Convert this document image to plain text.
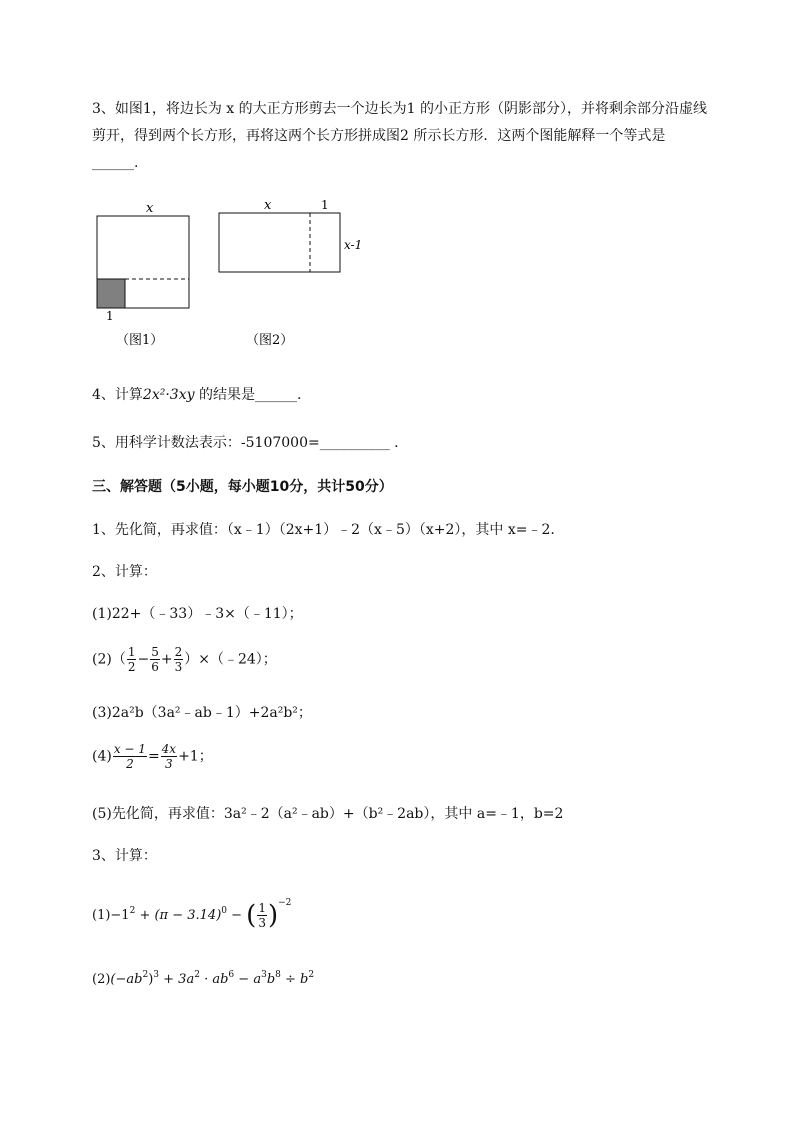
3、如图1，将边长为 x 的大正方形剪去一个边长为1 的小正方形（阴影部分），并将剩余部分沿虚线
剪开，得到两个长方形，再将这两个长方形拼成图2 所示长方形．这两个图能解释一个等式是
______.
x
1
（图1）
x	1
x-1
（图2）
4、计算2x²·3xy 的结果是______.
5、用科学计数法表示：-5107000=__________ .
三、解答题（5小题，每小题10分，共计50分）
1、先化简，再求值：（x﹣1）（2x+1）﹣2（x﹣5）（x+2），其中 x=﹣2.
2、计算：
(1)22+（﹣33）﹣3×（﹣11）；
$(2)( \frac{1}{2} - \frac{5}{6} + \frac{2}{3}$ ）×（﹣24）；
(3)2a²b（3a²﹣ab﹣1）+2a²b²；
$(4) \frac{x - 1}{2} = \frac{4x}{3} +1$；
(5)先化简，再求值：3a²﹣2（a²﹣ab）+（b²﹣2ab），其中 a=﹣1，b=2
3、计算：
$(1)-1^2 + (\pi - 3.14)^0$ − ( $\frac{1}{3} )^{-2}$
$(2)(-ab^2)^3 + 3a^2 \cdot ab^6 - a^3b^8 \div b^2$
